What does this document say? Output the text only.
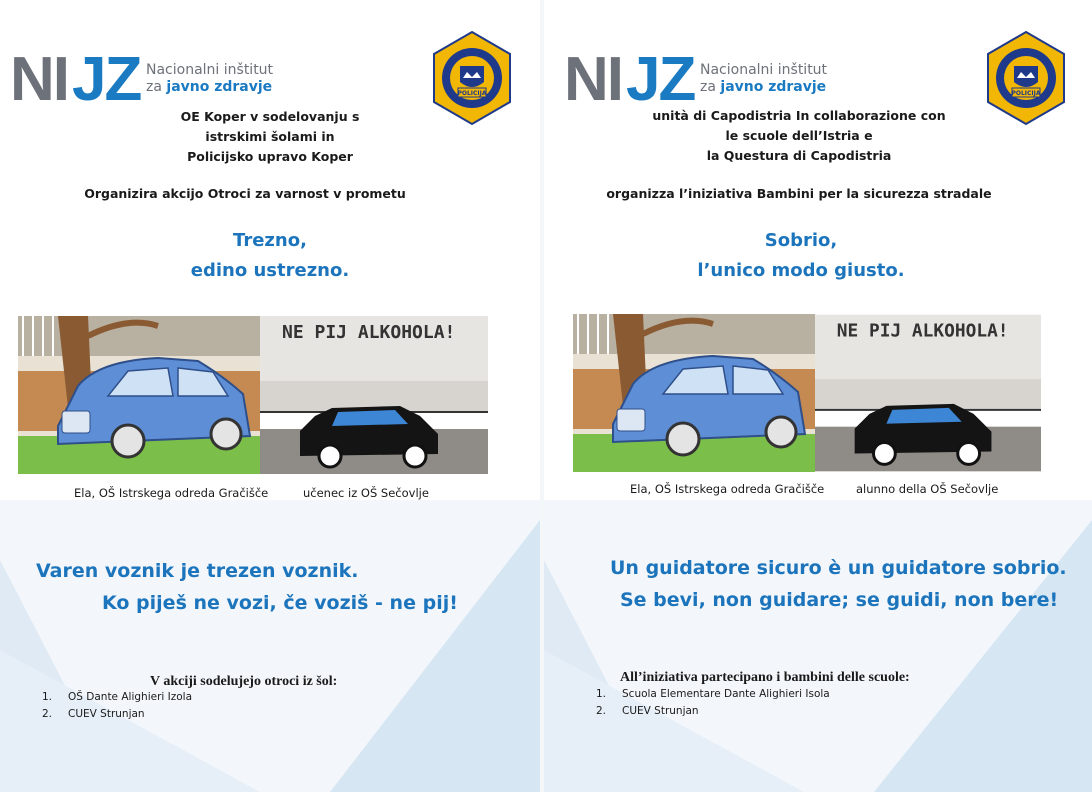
NI JZ Nacionalni inštitut
za javno zdravje	POLICIJA
OE Koper v sodelovanju s
istrskimi šolami in
Policijsko upravo Koper
Organizira akcijo Otroci za varnost v prometu
Trezno,
edino ustrezno.
NE PIJ ALKOHOLA!
Ela, OŠ Istrskega odreda Gračišče	učenec iz OŠ Sečovlje
Varen voznik je trezen voznik.
Ko piješ ne vozi, če voziš - ne pij!
V akciji sodelujejo otroci iz šol:
1. OŠ Dante Alighieri Izola
2. CUEV Strunjan
NI JZ Nacionalni inštitut
za javno zdravje	POLICIJA
unità di Capodistria In collaborazione con
le scuole dell’Istria e
la Questura di Capodistria
organizza l’iniziativa Bambini per la sicurezza stradale
Sobrio,
l’unico modo giusto.
NE PIJ ALKOHOLA!
Ela, OŠ Istrskega odreda Gračišče	alunno della OŠ Sečovlje
Un guidatore sicuro è un guidatore sobrio.
Se bevi, non guidare; se guidi, non bere!
All’iniziativa partecipano i bambini delle scuole:
1. Scuola Elementare Dante Alighieri Isola
2. CUEV Strunjan
